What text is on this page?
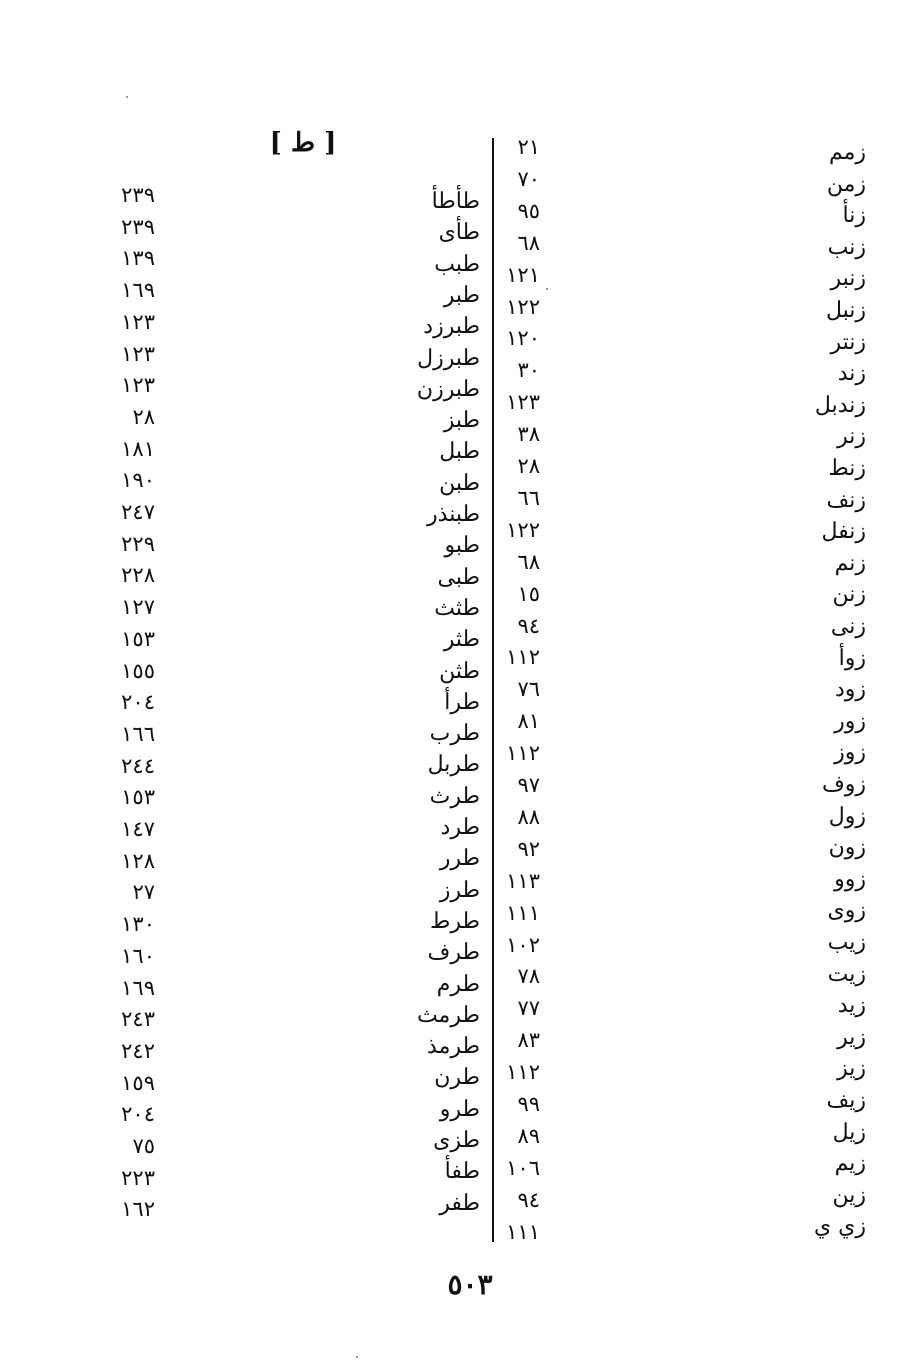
[ ط ]	زمم
زمن
زنأ
زنب
زنبر
زنبل
زنتر
زند
زندبل
زنر
زنط
زنف
زنفل
زنم
زنن
زنى
زوأ
زود
زور
زوز
زوف
زول
زون
زوو
زوى
زيب
زيت
زيد
زير
زيز
زيف
زيل
زيم
زين
زي ي
٢١
٧٠
٩٥
٦٨
١٢١
١٢٢
١٢٠
٣٠
١٢٣
٣٨
٢٨
٦٦
١٢٢
٦٨
١٥
٩٤
١١٢
٧٦
٨١
١١٢
٩٧
٨٨
٩٢
١١٣
١١١
١٠٢
٧٨
٧٧
٨٣
١١٢
٩٩
٨٩
١٠٦
٩٤
١١١
طأطأ
طأى
طبب
طبر
طبرزد
طبرزل
طبرزن
طبز
طبل
طبن
طبنذر
طبو
طبى
طثث
طثر
طثن
طرأ
طرب
طربل
طرث
طرد
طرر
طرز
طرط
طرف
طرم
طرمث
طرمذ
طرن
طرو
طزى
طفأ
طفر
٢٣٩
٢٣٩
١٣٩
١٦٩
١٢٣
١٢٣
١٢٣
٢٨
١٨١
١٩٠
٢٤٧
٢٢٩
٢٢٨
١٢٧
١٥٣
١٥٥
٢٠٤
١٦٦
٢٤٤
١٥٣
١٤٧
١٢٨
٢٧
١٣٠
١٦٠
١٦٩
٢٤٣
٢٤٢
١٥٩
٢٠٤
٧٥
٢٢٣
١٦٢
٥٠٣
